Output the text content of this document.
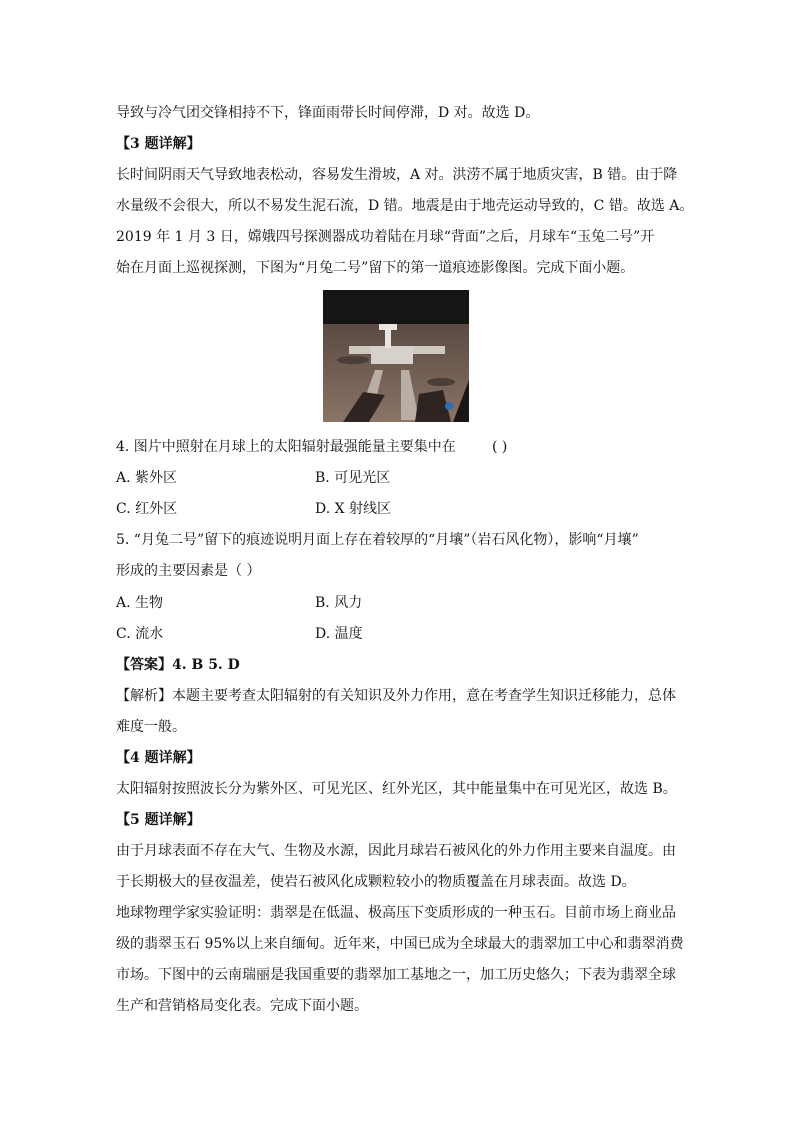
导致与冷气团交锋相持不下，锋面雨带长时间停滞，D 对。故选 D。
【3 题详解】
长时间阴雨天气导致地表松动，容易发生滑坡，A 对。洪涝不属于地质灾害，B 错。由于降
水量级不会很大，所以不易发生泥石流，D 错。地震是由于地壳运动导致的，C 错。故选 A。
2019 年 1 月 3 日，嫦娥四号探测器成功着陆在月球“背面”之后，月球车“玉兔二号”开
始在月面上巡视探测，下图为“月兔二号”留下的第一道痕迹影像图。完成下面小题。
4. 图片中照射在月球上的太阳辐射最强能量主要集中在	( )
A. 紫外区	B. 可见光区
C. 红外区	D. X 射线区
5. “月兔二号”留下的痕迹说明月面上存在着较厚的“月壤”（岩石风化物），影响“月壤”
形成的主要因素是（ ）
A. 生物	B. 风力
C. 流水	D. 温度
【答案】4. B 5. D
【解析】本题主要考查太阳辐射的有关知识及外力作用，意在考查学生知识迁移能力，总体
难度一般。
【4 题详解】
太阳辐射按照波长分为紫外区、可见光区、红外光区，其中能量集中在可见光区，故选 B。
【5 题详解】
由于月球表面不存在大气、生物及水源，因此月球岩石被风化的外力作用主要来自温度。由
于长期极大的昼夜温差，使岩石被风化成颗粒较小的物质覆盖在月球表面。故选 D。
地球物理学家实验证明：翡翠是在低温、极高压下变质形成的一种玉石。目前市场上商业品
级的翡翠玉石 95%以上来自缅甸。近年来，中国已成为全球最大的翡翠加工中心和翡翠消费
市场。下图中的云南瑞丽是我国重要的翡翠加工基地之一，加工历史悠久；下表为翡翠全球
生产和营销格局变化表。完成下面小题。
